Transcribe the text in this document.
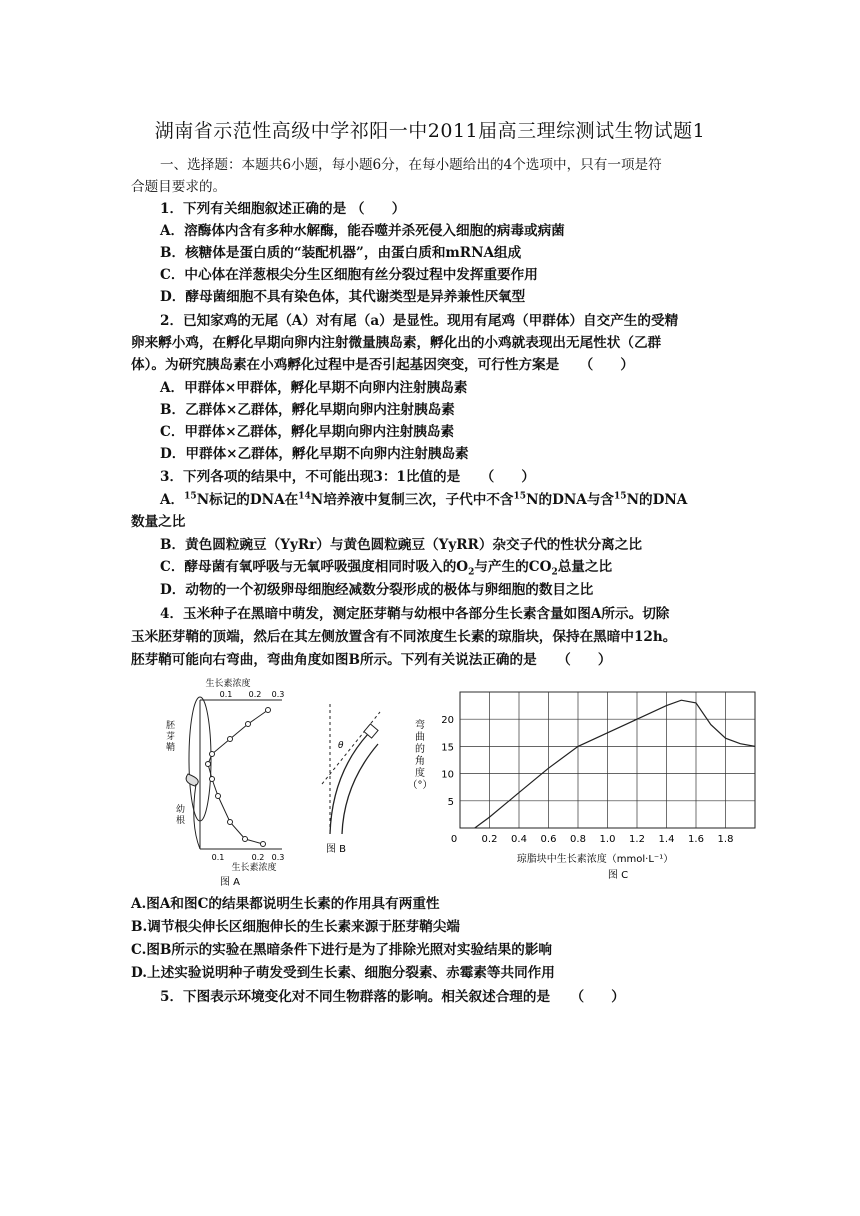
湖南省示范性高级中学祁阳一中2011届高三理综测试生物试题1
一、选择题：本题共6小题，每小题6分，在每小题给出的4个选项中，只有一项是符
合题目要求的。
1．下列有关细胞叙述正确的是 （　　）
A．溶酶体内含有多种水解酶，能吞噬并杀死侵入细胞的病毒或病菌
B．核糖体是蛋白质的“装配机器”，由蛋白质和mRNA组成
C．中心体在洋葱根尖分生区细胞有丝分裂过程中发挥重要作用
D．酵母菌细胞不具有染色体，其代谢类型是异养兼性厌氧型
2．已知家鸡的无尾（A）对有尾（a）是显性。现用有尾鸡（甲群体）自交产生的受精
卵来孵小鸡，在孵化早期向卵内注射微量胰岛素，孵化出的小鸡就表现出无尾性状（乙群
体）。为研究胰岛素在小鸡孵化过程中是否引起基因突变，可行性方案是　　（　　）
A．甲群体×甲群体，孵化早期不向卵内注射胰岛素
B．乙群体×乙群体，孵化早期向卵内注射胰岛素
C．甲群体×乙群体，孵化早期向卵内注射胰岛素
D．甲群体×乙群体，孵化早期不向卵内注射胰岛素
3．下列各项的结果中，不可能出现3：1比值的是　　（　　）
A．$^{15}$N标记的DNA在$^{14}$N培养液中复制三次，子代中不含$^{15}$N的DNA与含$^{15}$N的DNA
数量之比
B．黄色圆粒豌豆（YyRr）与黄色圆粒豌豆（YyRR）杂交子代的性状分离之比
C．酵母菌有氧呼吸与无氧呼吸强度相同时吸入的$O_2$与产生的$CO_2$总量之比
D．动物的一个初级卵母细胞经减数分裂形成的极体与卵细胞的数目之比
4．玉米种子在黑暗中萌发，测定胚芽鞘与幼根中各部分生长素含量如图A所示。切除
玉米胚芽鞘的顶端，然后在其左侧放置含有不同浓度生长素的琼脂块，保持在黑暗中12h。
胚芽鞘可能向右弯曲，弯曲角度如图B所示。下列有关说法正确的是　　（　　）
生长素浓度
0.1 0.2 0.3
胚芽鞘
幼根
0.1	0.2 0.3
生长素浓度
图 A
θ
图 B
弯曲的角度（°）
0 0.2 0.4 0.6 0.8 1.0 1.2 1.4 1.6 1.8
5
10
15
20
琼脂块中生长素浓度（mmol·L⁻¹）
图 C
A.图A和图C的结果都说明生长素的作用具有两重性
B.调节根尖伸长区细胞伸长的生长素来源于胚芽鞘尖端
C.图B所示的实验在黑暗条件下进行是为了排除光照对实验结果的影响
D.上述实验说明种子萌发受到生长素、细胞分裂素、赤霉素等共同作用
5．下图表示环境变化对不同生物群落的影响。相关叙述合理的是　　（　　）
